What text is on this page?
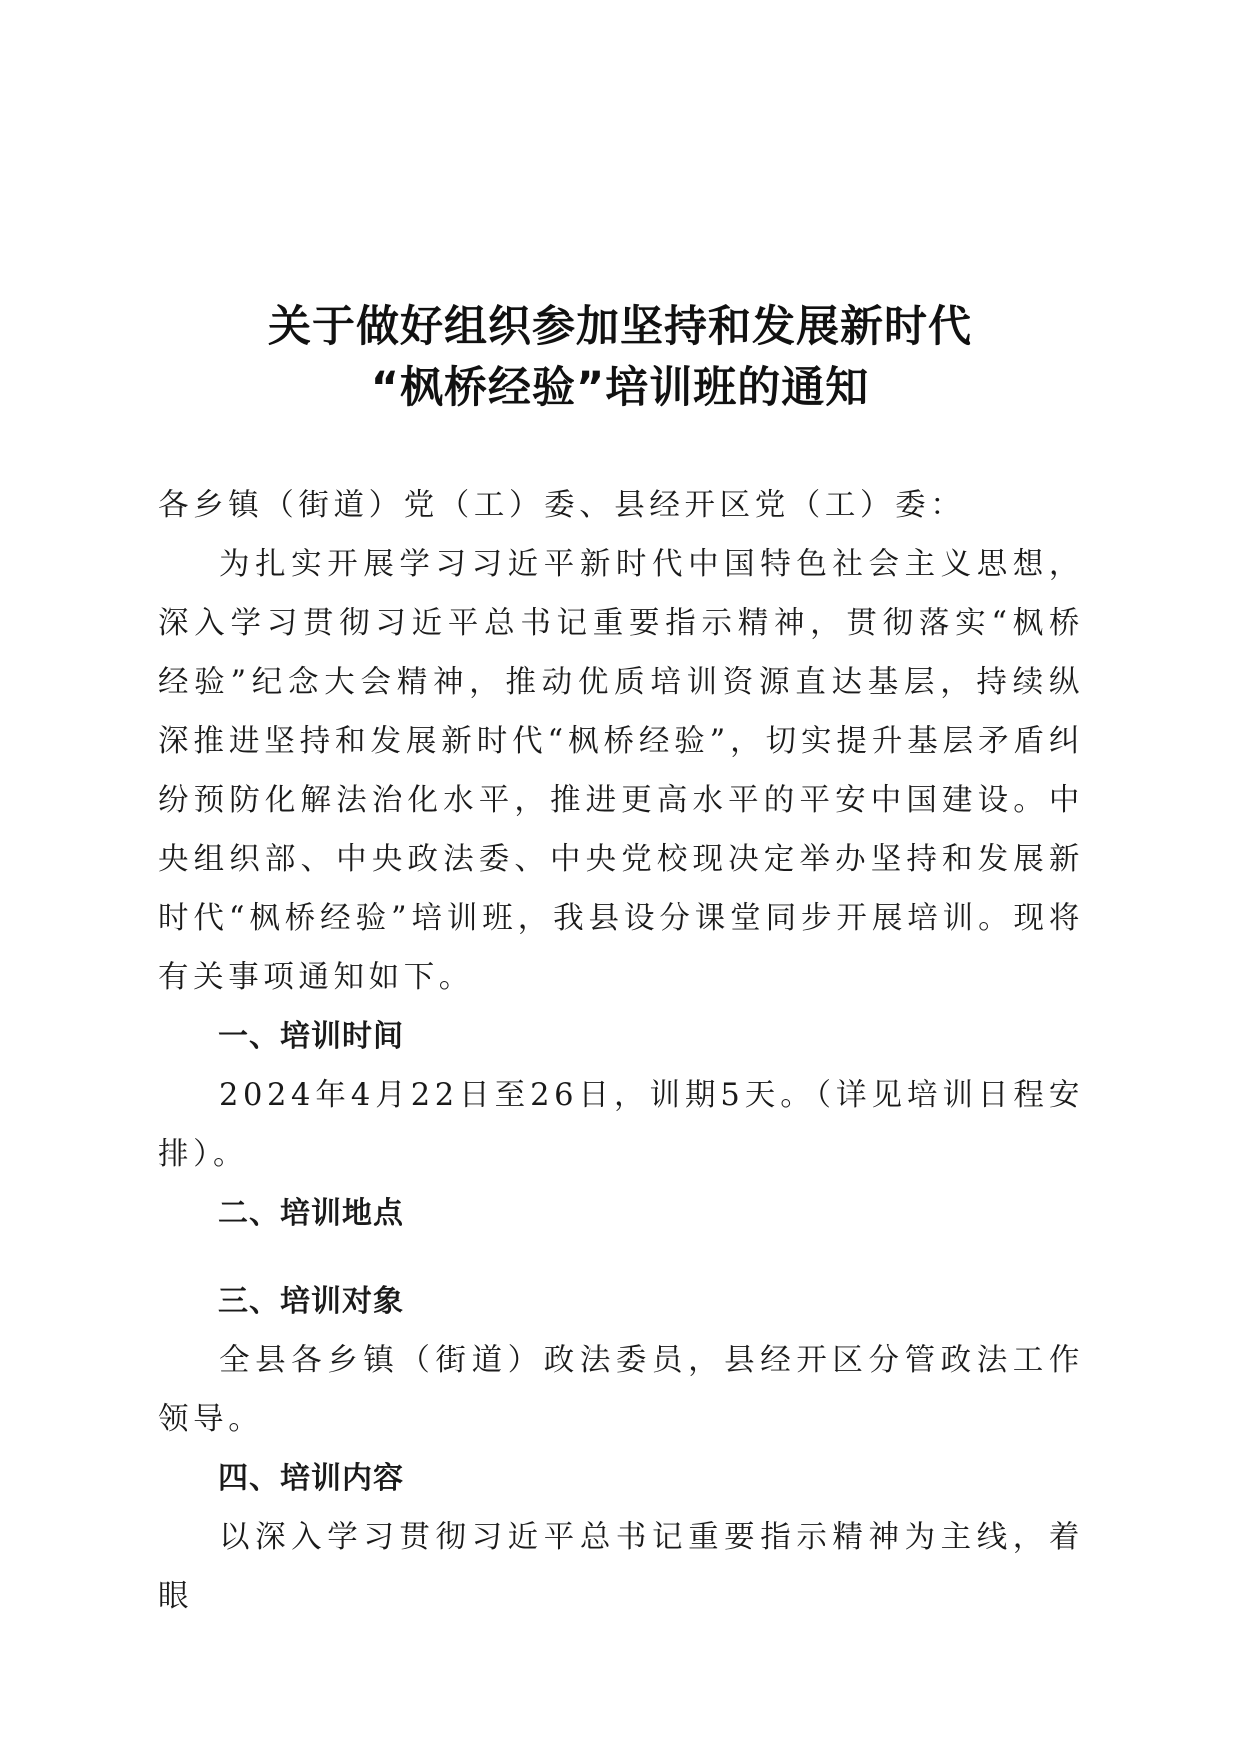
关于做好组织参加坚持和发展新时代
“枫桥经验”培训班的通知

各乡镇（街道）党（工）委、县经开区党（工）委：

为扎实开展学习习近平新时代中国特色社会主义思想，深入学习贯彻习近平总书记重要指示精神，贯彻落实“枫桥经验”纪念大会精神，推动优质培训资源直达基层，持续纵深推进坚持和发展新时代“枫桥经验”，切实提升基层矛盾纠纷预防化解法治化水平，推进更高水平的平安中国建设。中央组织部、中央政法委、中央党校现决定举办坚持和发展新时代“枫桥经验”培训班，我县设分课堂同步开展培训。现将有关事项通知如下。

一、培训时间

2024年4月22日至26日，训期5天。（详见培训日程安排）。

二、培训地点

三、培训对象

全县各乡镇（街道）政法委员，县经开区分管政法工作领导。

四、培训内容

以深入学习贯彻习近平总书记重要指示精神为主线，着眼
